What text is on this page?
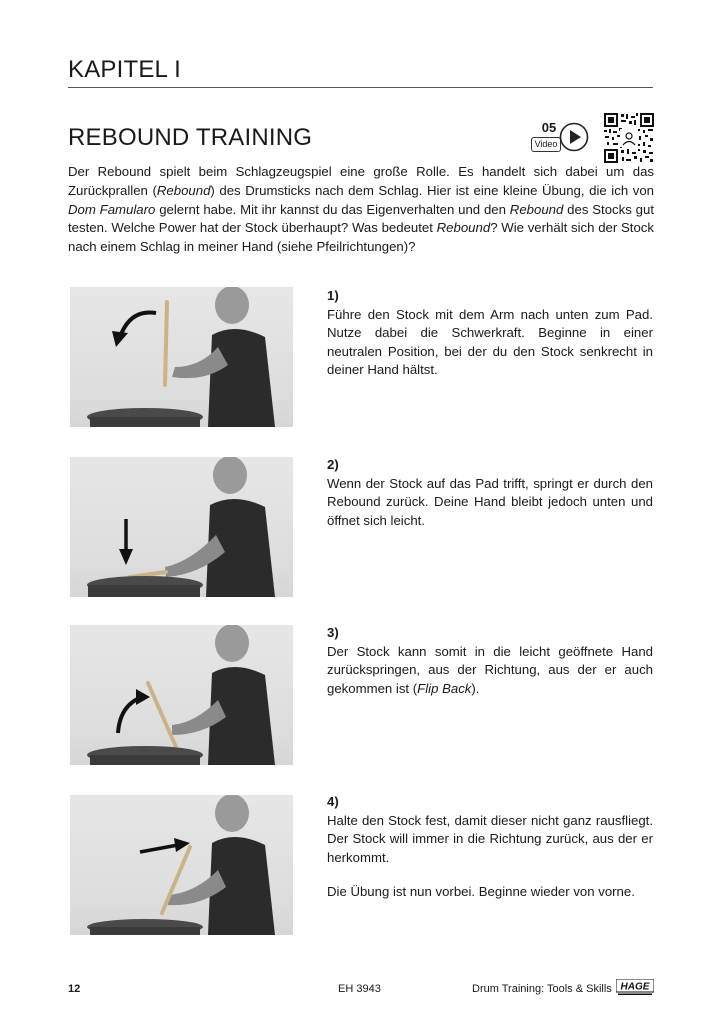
KAPITEL I
REBOUND TRAINING	05
Video
Der Rebound spielt beim Schlagzeugspiel eine große Rolle. Es handelt sich dabei um das Zurückprallen (Rebound) des Drumsticks nach dem Schlag. Hier ist eine kleine Übung, die ich von Dom Famularo gelernt habe. Mit ihr kannst du das Eigenverhalten und den Rebound des Stocks gut testen. Welche Power hat der Stock überhaupt? Was bedeutet Rebound? Wie verhält sich der Stock nach einem Schlag in meiner Hand (siehe Pfeilrichtungen)?
1)

Führe den Stock mit dem Arm nach unten zum Pad. Nutze dabei die Schwerkraft. Beginne in einer neutralen Position, bei der du den Stock senkrecht in deiner Hand hältst.

2)

Wenn der Stock auf das Pad trifft, springt er durch den Rebound zurück. Deine Hand bleibt jedoch unten und öffnet sich leicht.

3)

Der Stock kann somit in die leicht geöffnete Hand zurückspringen, aus der Richtung, aus der er auch gekommen ist (Flip Back).

4)

Halte den Stock fest, damit dieser nicht ganz rausfliegt. Der Stock will immer in die Richtung zurück, aus der er herkommt.

Die Übung ist nun vorbei. Beginne wieder von vorne.

12	EH 3943	Drum Training: Tools & Skills HAGE
